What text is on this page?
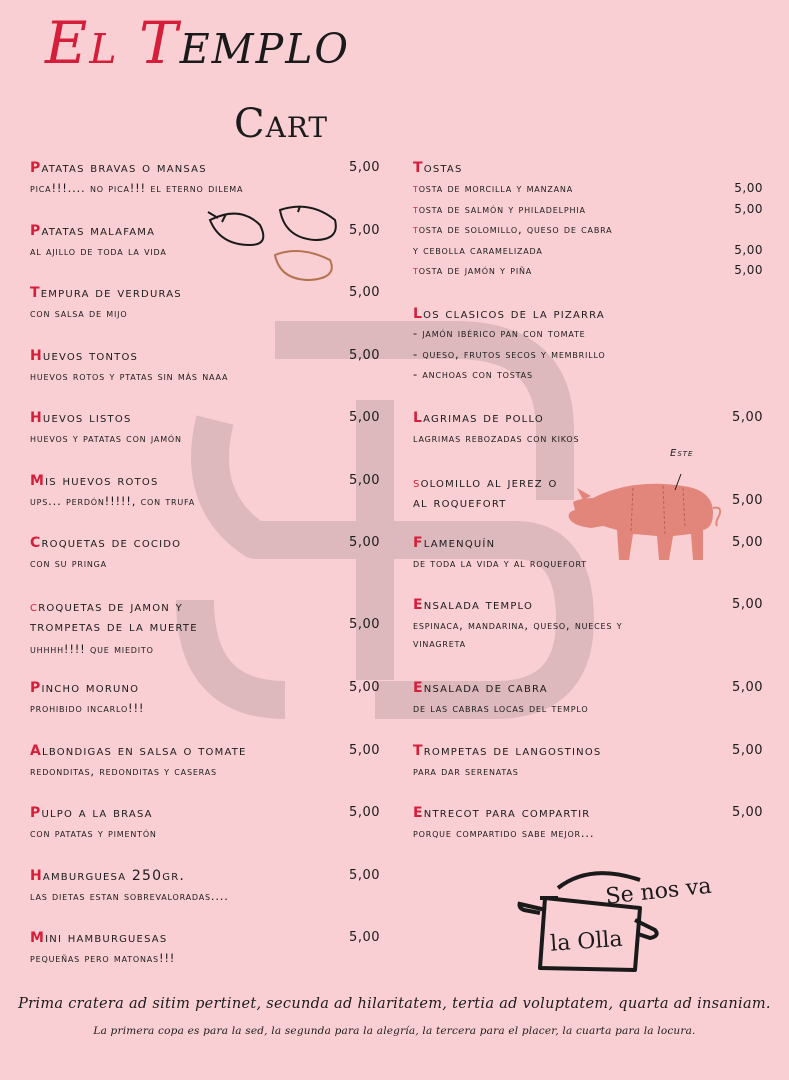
El Templo
Cart
Patatas bravas o mansas	5,00
pica!!!.... no pica!!! el eterno dilema
Patatas malafama	5,00
al ajillo de toda la vida
Tempura de verduras	5,00
con salsa de mijo
Huevos tontos	5,00
huevos rotos y ptatas sin más naaa
Huevos listos	5,00
huevos y patatas con jamón
Mis huevos rotos	5,00
ups... perdón!!!!!, con trufa
Croquetas de cocido	5,00
con su pringa
croquetas de jamon y
trompetas de la muerte	5,00
uhhhh!!!! que miedito
Pincho moruno	5,00
prohibido incarlo!!!
Albondigas en salsa o tomate	5,00
redonditas, redonditas y caseras
Pulpo a la brasa	5,00
con patatas y pimentón
Hamburguesa 250gr.	5,00
las dietas estan sobrevaloradas....
Mini hamburguesas	5,00
pequeñas pero matonas!!!
Tostas
tosta de morcilla y manzana	5,00
tosta de salmón y philadelphia	5,00
tosta de solomillo, queso de cabra
y cebolla caramelizada	5,00
tosta de jamón y piña	5,00
Los clasicos de la pizarra
- jamón ibérico pan con tomate
- queso, frutos secos y membrillo
- anchoas con tostas
Lagrimas de pollo	5,00
lagrimas rebozadas con kikos
solomillo al jerez o
al roquefort	5,00
Flamenquín	5,00
de toda la vida y al roquefort
Ensalada templo	5,00
espinaca, mandarina, queso, nueces y
vinagreta
Ensalada de cabra	5,00
de las cabras locas del templo
Trompetas de langostinos	5,00
para dar serenatas
Entrecot para compartir	5,00
porque compartido sabe mejor...
Este
la Olla
Se nos va
Prima cratera ad sitim pertinet, secunda ad hilaritatem, tertia ad voluptatem, quarta ad insaniam.
La primera copa es para la sed, la segunda para la alegría, la tercera para el placer, la cuarta para la locura.
